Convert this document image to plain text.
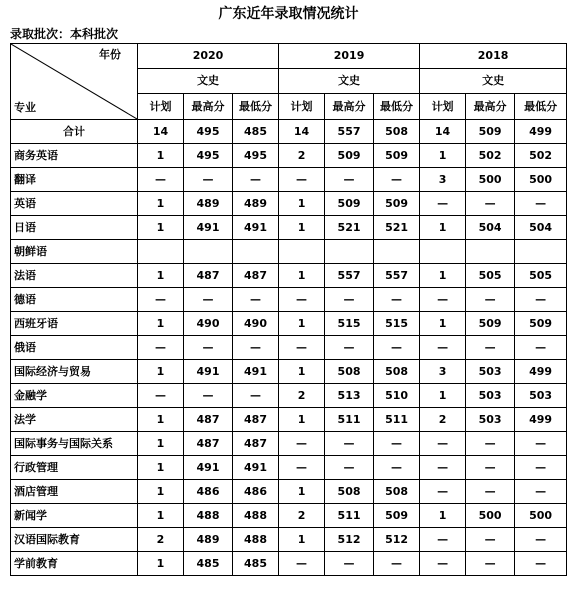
广东近年录取情况统计
录取批次：本科批次
年份
专业	2020			2019			2018		
	文史			文史			文史		
	计划	最高分	最低分	计划	最高分	最低分	计划	最高分	最低分
合计	14	495	485	14	557	508	14	509	499
商务英语	1	495	495	2	509	509	1	502	502
翻译	—	—	—	—	—	—	3	500	500
英语	1	489	489	1	509	509	—	—	—
日语	1	491	491	1	521	521	1	504	504
朝鲜语									
法语	1	487	487	1	557	557	1	505	505
德语	—	—	—	—	—	—	—	—	—
西班牙语	1	490	490	1	515	515	1	509	509
俄语	—	—	—	—	—	—	—	—	—
国际经济与贸易	1	491	491	1	508	508	3	503	499
金融学	—	—	—	2	513	510	1	503	503
法学	1	487	487	1	511	511	2	503	499
国际事务与国际关系	1	487	487	—	—	—	—	—	—
行政管理	1	491	491	—	—	—	—	—	—
酒店管理	1	486	486	1	508	508	—	—	—
新闻学	1	488	488	2	511	509	1	500	500
汉语国际教育	2	489	488	1	512	512	—	—	—
学前教育	1	485	485	—	—	—	—	—	—
